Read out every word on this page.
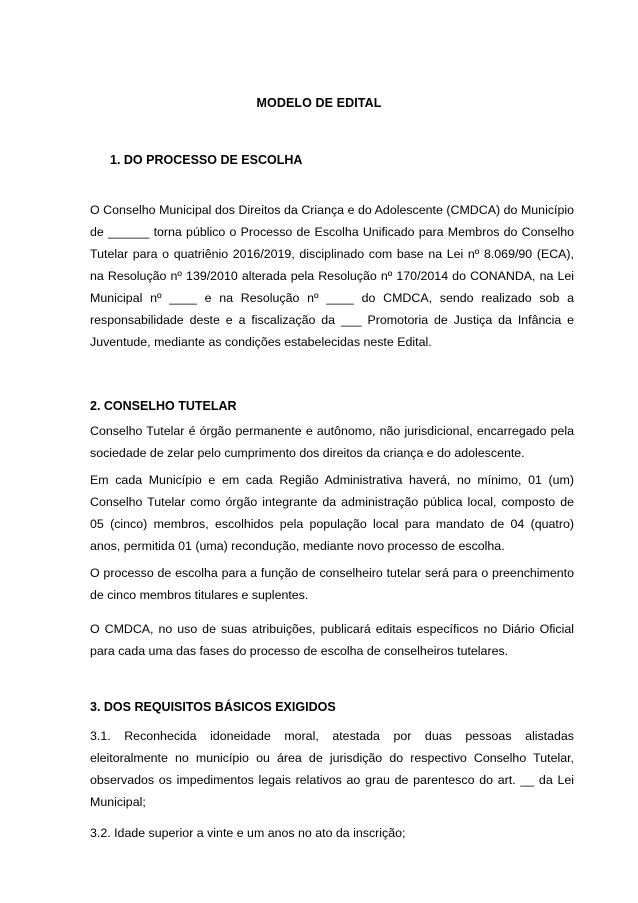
MODELO DE EDITAL
1. DO PROCESSO DE ESCOLHA

O Conselho Municipal dos Direitos da Criança e do Adolescente (CMDCA) do Município de ______ torna público o Processo de Escolha Unificado para Membros do Conselho Tutelar para o quatriênio 2016/2019, disciplinado com base na Lei nº 8.069/90 (ECA), na Resolução nº 139/2010 alterada pela Resolução nº 170/2014 do CONANDA, na Lei Municipal nº ____ e na Resolução nº ____ do CMDCA, sendo realizado sob a responsabilidade deste e a fiscalização da ___ Promotoria de Justiça da Infância e Juventude, mediante as condições estabelecidas neste Edital.

2. CONSELHO TUTELAR

Conselho Tutelar é órgão permanente e autônomo, não jurisdicional, encarregado pela sociedade de zelar pelo cumprimento dos direitos da criança e do adolescente.

Em cada Município e em cada Região Administrativa haverá, no mínimo, 01 (um) Conselho Tutelar como órgão integrante da administração pública local, composto de 05 (cinco) membros, escolhidos pela população local para mandato de 04 (quatro) anos, permitida 01 (uma) recondução, mediante novo processo de escolha.

O processo de escolha para a função de conselheiro tutelar será para o preenchimento de cinco membros titulares e suplentes.

O CMDCA, no uso de suas atribuições, publicará editais específicos no Diário Oficial para cada uma das fases do processo de escolha de conselheiros tutelares.

3. DOS REQUISITOS BÁSICOS EXIGIDOS

3.1. Reconhecida idoneidade moral, atestada por duas pessoas alistadas eleitoralmente no município ou área de jurisdição do respectivo Conselho Tutelar, observados os impedimentos legais relativos ao grau de parentesco do art. __ da Lei Municipal;

3.2. Idade superior a vinte e um anos no ato da inscrição;
